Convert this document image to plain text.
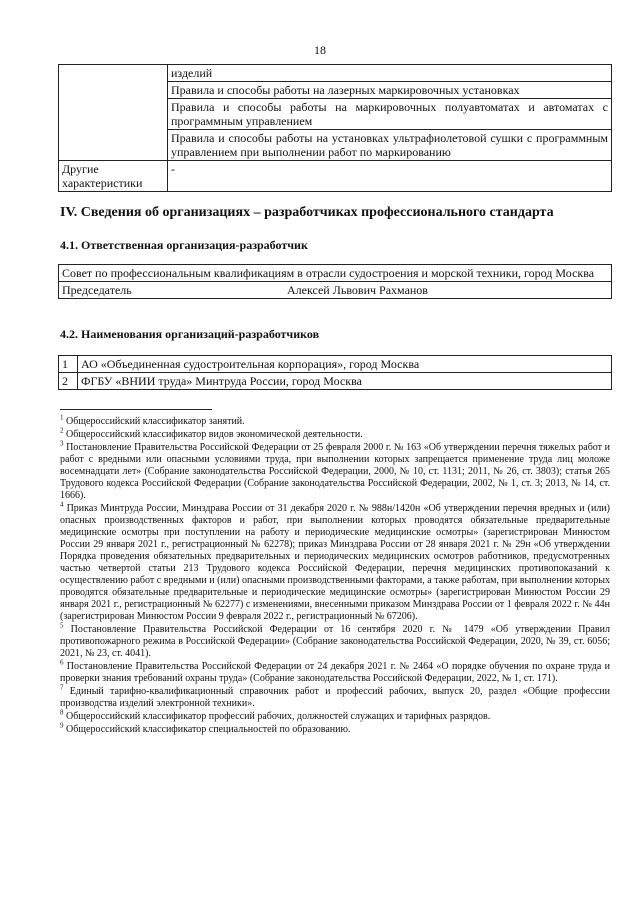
18
	изделий
	Правила и способы работы на лазерных маркировочных установках
	Правила и способы работы на маркировочных полуавтоматах и автоматах с программным управлением
	Правила и способы работы на установках ультрафиолетовой сушки с программным управлением при выполнении работ по маркированию
Другие характеристики	-
IV. Сведения об организациях – разработчиках профессионального стандарта
4.1. Ответственная организация-разработчик
Совет по профессиональным квалификациям в отрасли судостроения и морской техники, город Москва
Председатель	Алексей Львович Рахманов
4.2. Наименования организаций-разработчиков
1	АО «Объединенная судостроительная корпорация», город Москва
2	ФГБУ «ВНИИ труда» Минтруда России, город Москва

$^1$ Общероссийский классификатор занятий.

$^2$ Общероссийский классификатор видов экономической деятельности.

$^3$ Постановление Правительства Российской Федерации от 25 февраля 2000 г. № 163 «Об утверждении перечня тяжелых работ и работ с вредными или опасными условиями труда, при выполнении которых запрещается применение труда лиц моложе восемнадцати лет» (Собрание законодательства Российской Федерации, 2000, № 10, ст. 1131; 2011, № 26, ст. 3803); статья 265 Трудового кодекса Российской Федерации (Собрание законодательства Российской Федерации, 2002, № 1, ст. 3; 2013, № 14, ст. 1666).

$^4$ Приказ Минтруда России, Минздрава России от 31 декабря 2020 г. № 988н/1420н «Об утверждении перечня вредных и (или) опасных производственных факторов и работ, при выполнении которых проводятся обязательные предварительные медицинские осмотры при поступлении на работу и периодические медицинские осмотры» (зарегистрирован Минюстом России 29 января 2021 г., регистрационный № 62278); приказ Минздрава России от 28 января 2021 г. № 29н «Об утверждении Порядка проведения обязательных предварительных и периодических медицинских осмотров работников, предусмотренных частью четвертой статьи 213 Трудового кодекса Российской Федерации, перечня медицинских противопоказаний к осуществлению работ с вредными и (или) опасными производственными факторами, а также работам, при выполнении которых проводятся обязательные предварительные и периодические медицинские осмотры» (зарегистрирован Минюстом России 29 января 2021 г., регистрационный № 62277) с изменениями, внесенными приказом Минздрава России от 1 февраля 2022 г. № 44н (зарегистрирован Минюстом России 9 февраля 2022 г., регистрационный № 67206).

$^5$ Постановление Правительства Российской Федерации от 16 сентября 2020 г. № 1479 «Об утверждении Правил противопожарного режима в Российской Федерации» (Собрание законодательства Российской Федерации, 2020, № 39, ст. 6056; 2021, № 23, ст. 4041).

$^6$ Постановление Правительства Российской Федерации от 24 декабря 2021 г. № 2464 «О порядке обучения по охране труда и проверки знания требований охраны труда» (Собрание законодательства Российской Федерации, 2022, № 1, ст. 171).

$^7$ Единый тарифно-квалификационный справочник работ и профессий рабочих, выпуск 20, раздел «Общие профессии производства изделий электронной техники».

$^8$ Общероссийский классификатор профессий рабочих, должностей служащих и тарифных разрядов.

$^9$ Общероссийский классификатор специальностей по образованию.
